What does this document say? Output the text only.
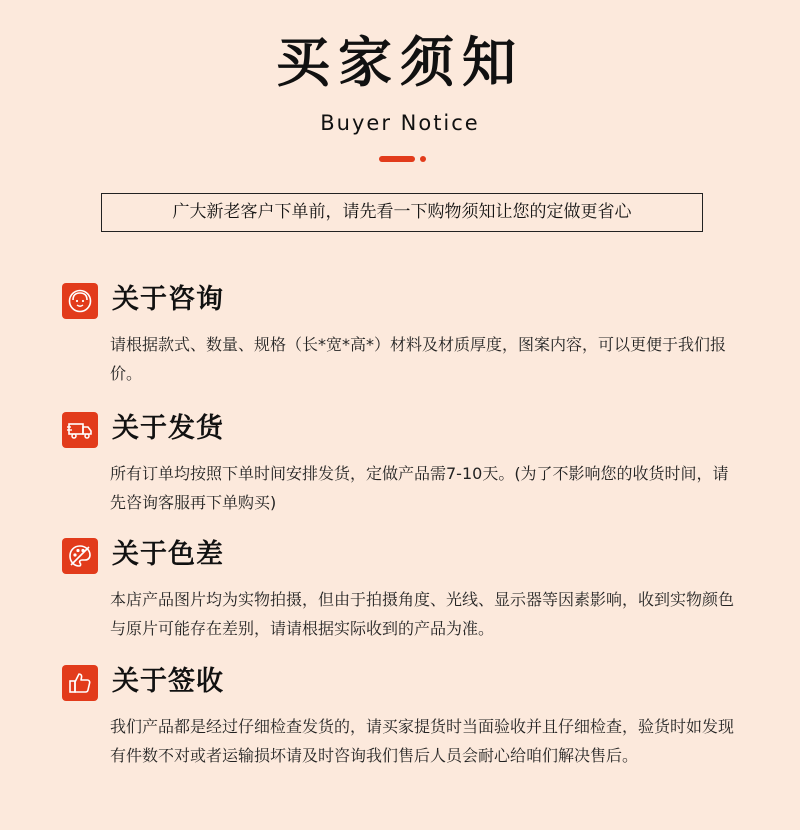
买家须知
Buyer Notice
广大新老客户下单前，请先看一下购物须知让您的定做更省心
关于咨询
请根据款式、数量、规格（长*宽*高*）材料及材质厚度，图案内容，可以更便于我们报价。
关于发货
所有订单均按照下单时间安排发货，定做产品需7-10天。(为了不影响您的收货时间，请先咨询客服再下单购买)
关于色差
本店产品图片均为实物拍摄，但由于拍摄角度、光线、显示器等因素影响，收到实物颜色与原片可能存在差别，请请根据实际收到的产品为准。
关于签收
我们产品都是经过仔细检查发货的，请买家提货时当面验收并且仔细检查，验货时如发现有件数不对或者运输损坏请及时咨询我们售后人员会耐心给咱们解决售后。
